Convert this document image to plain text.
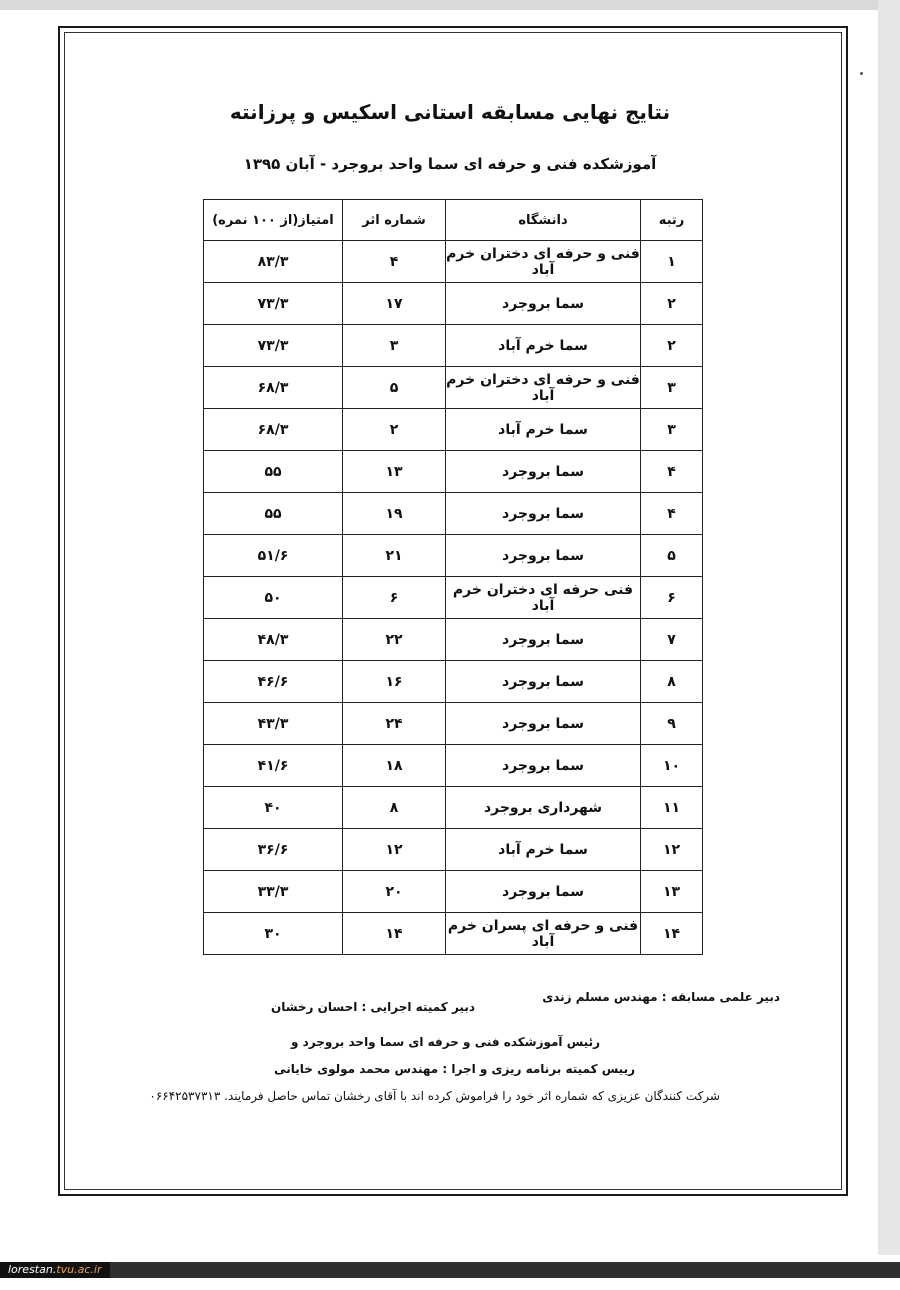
نتایج نهایی مسابقه استانی اسکیس و پرزانته
آموزشکده فنی و حرفه ای سما واحد بروجرد - آبان ۱۳۹۵
رتبه	دانشگاه	شماره اثر	امتیاز(از ۱۰۰ نمره)
۱	فنی و حرفه ای دختران خرم آباد	۴	۸۳/۳
۲	سما بروجرد	۱۷	۷۳/۳
۲	سما خرم آباد	۳	۷۳/۳
۳	فنی و حرفه ای دختران خرم آباد	۵	۶۸/۳
۳	سما خرم آباد	۲	۶۸/۳
۴	سما بروجرد	۱۳	۵۵
۴	سما بروجرد	۱۹	۵۵
۵	سما بروجرد	۲۱	۵۱/۶
۶	فنی حرفه ای دختران خرم آباد	۶	۵۰
۷	سما بروجرد	۲۲	۴۸/۳
۸	سما بروجرد	۱۶	۴۶/۶
۹	سما بروجرد	۲۴	۴۳/۳
۱۰	سما بروجرد	۱۸	۴۱/۶
۱۱	شهرداری بروجرد	۸	۴۰
۱۲	سما خرم آباد	۱۲	۳۶/۶
۱۳	سما بروجرد	۲۰	۳۳/۳
۱۴	فنی و حرفه ای پسران خرم آباد	۱۴	۳۰
دبیر علمی مسابقه : مهندس مسلم زندی
دبیر کمیته اجرایی : احسان رخشان
رئیس آموزشکده فنی و حرفه ای سما واحد بروجرد و
رییس کمیته برنامه ریزی و اجرا : مهندس محمد مولوی خایانی
شرکت کنندگان عزیزی که شماره اثر خود را فراموش کرده اند با آقای رخشان تماس حاصل فرمایند. ۰۶۶۴۲۵۳۷۳۱۳
lorestan.tvu.ac.ir
